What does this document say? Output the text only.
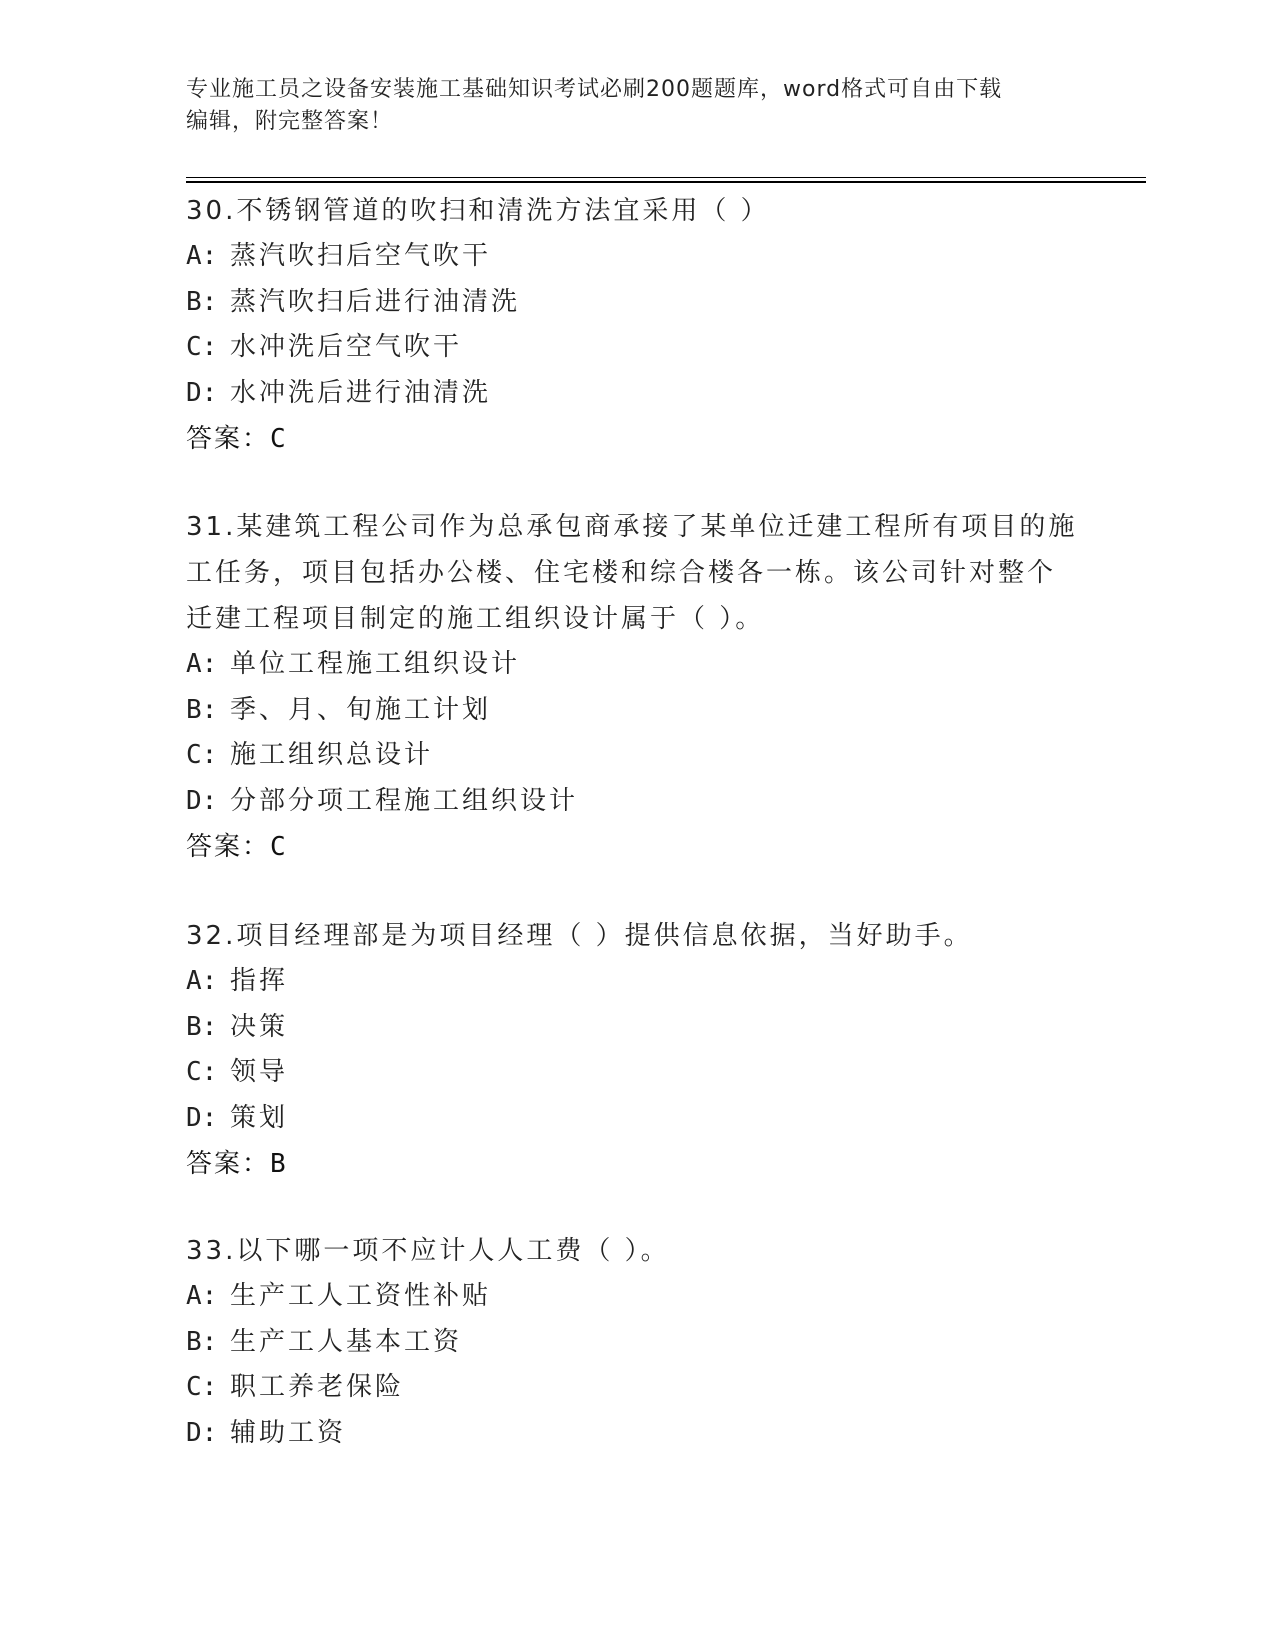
专业施工员之设备安装施工基础知识考试必刷200题题库，word格式可自由下载
编辑，附完整答案！

30.不锈钢管道的吹扫和清洗方法宜采用（ ）

A: 蒸汽吹扫后空气吹干

B: 蒸汽吹扫后进行油清洗

C: 水冲洗后空气吹干

D: 水冲洗后进行油清洗

答案：C

31.某建筑工程公司作为总承包商承接了某单位迁建工程所有项目的施

工任务，项目包括办公楼、住宅楼和综合楼各一栋。该公司针对整个

迁建工程项目制定的施工组织设计属于（ ）。

A: 单位工程施工组织设计

B: 季、月、旬施工计划

C: 施工组织总设计

D: 分部分项工程施工组织设计

答案：C

32.项目经理部是为项目经理（ ）提供信息依据，当好助手。

A: 指挥

B: 决策

C: 领导

D: 策划

答案：B

33.以下哪一项不应计人人工费（ ）。

A: 生产工人工资性补贴

B: 生产工人基本工资

C: 职工养老保险

D: 辅助工资
